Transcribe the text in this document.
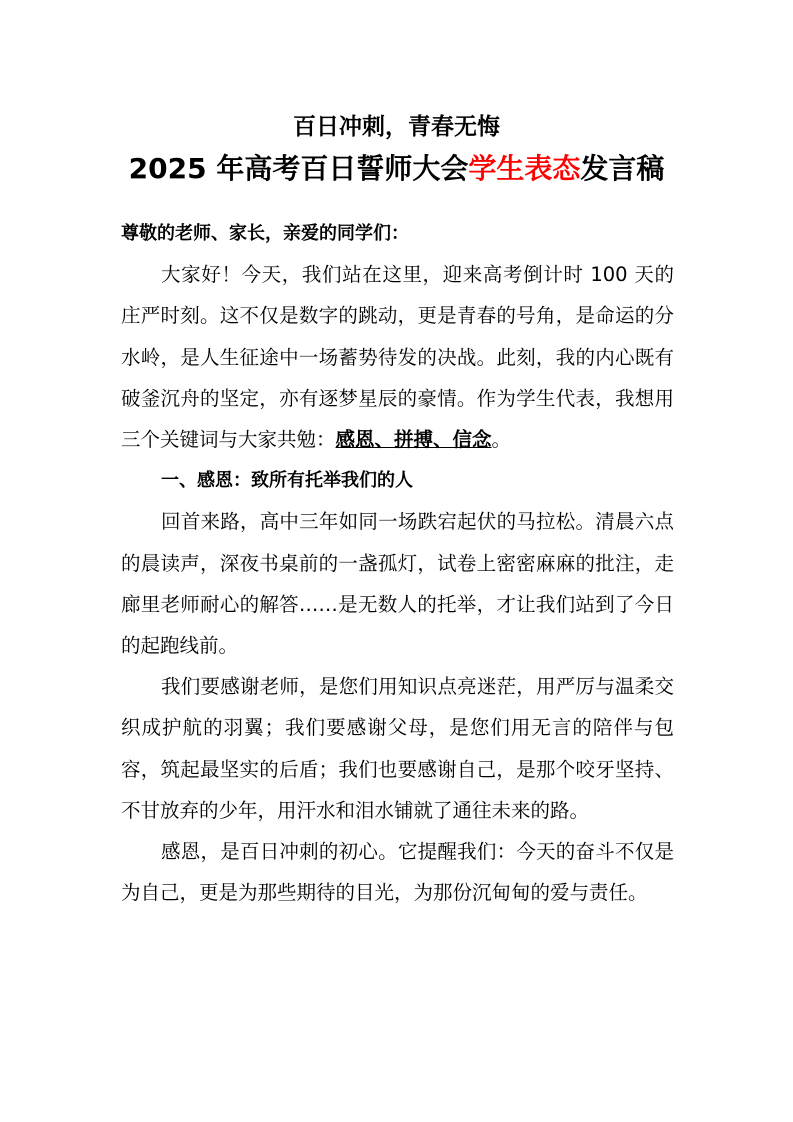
百日冲刺，青春无悔
2025 年高考百日誓师大会学生表态发言稿

尊敬的老师、家长，亲爱的同学们：

大家好！今天，我们站在这里，迎来高考倒计时 100 天的庄严时刻。这不仅是数字的跳动，更是青春的号角，是命运的分水岭，是人生征途中一场蓄势待发的决战。此刻，我的内心既有破釜沉舟的坚定，亦有逐梦星辰的豪情。作为学生代表，我想用三个关键词与大家共勉：感恩、拼搏、信念。

一、感恩：致所有托举我们的人

回首来路，高中三年如同一场跌宕起伏的马拉松。清晨六点的晨读声，深夜书桌前的一盏孤灯，试卷上密密麻麻的批注，走廊里老师耐心的解答……是无数人的托举，才让我们站到了今日的起跑线前。

我们要感谢老师，是您们用知识点亮迷茫，用严厉与温柔交织成护航的羽翼；我们要感谢父母，是您们用无言的陪伴与包容，筑起最坚实的后盾；我们也要感谢自己，是那个咬牙坚持、不甘放弃的少年，用汗水和泪水铺就了通往未来的路。

感恩，是百日冲刺的初心。它提醒我们：今天的奋斗不仅是为自己，更是为那些期待的目光，为那份沉甸甸的爱与责任。
